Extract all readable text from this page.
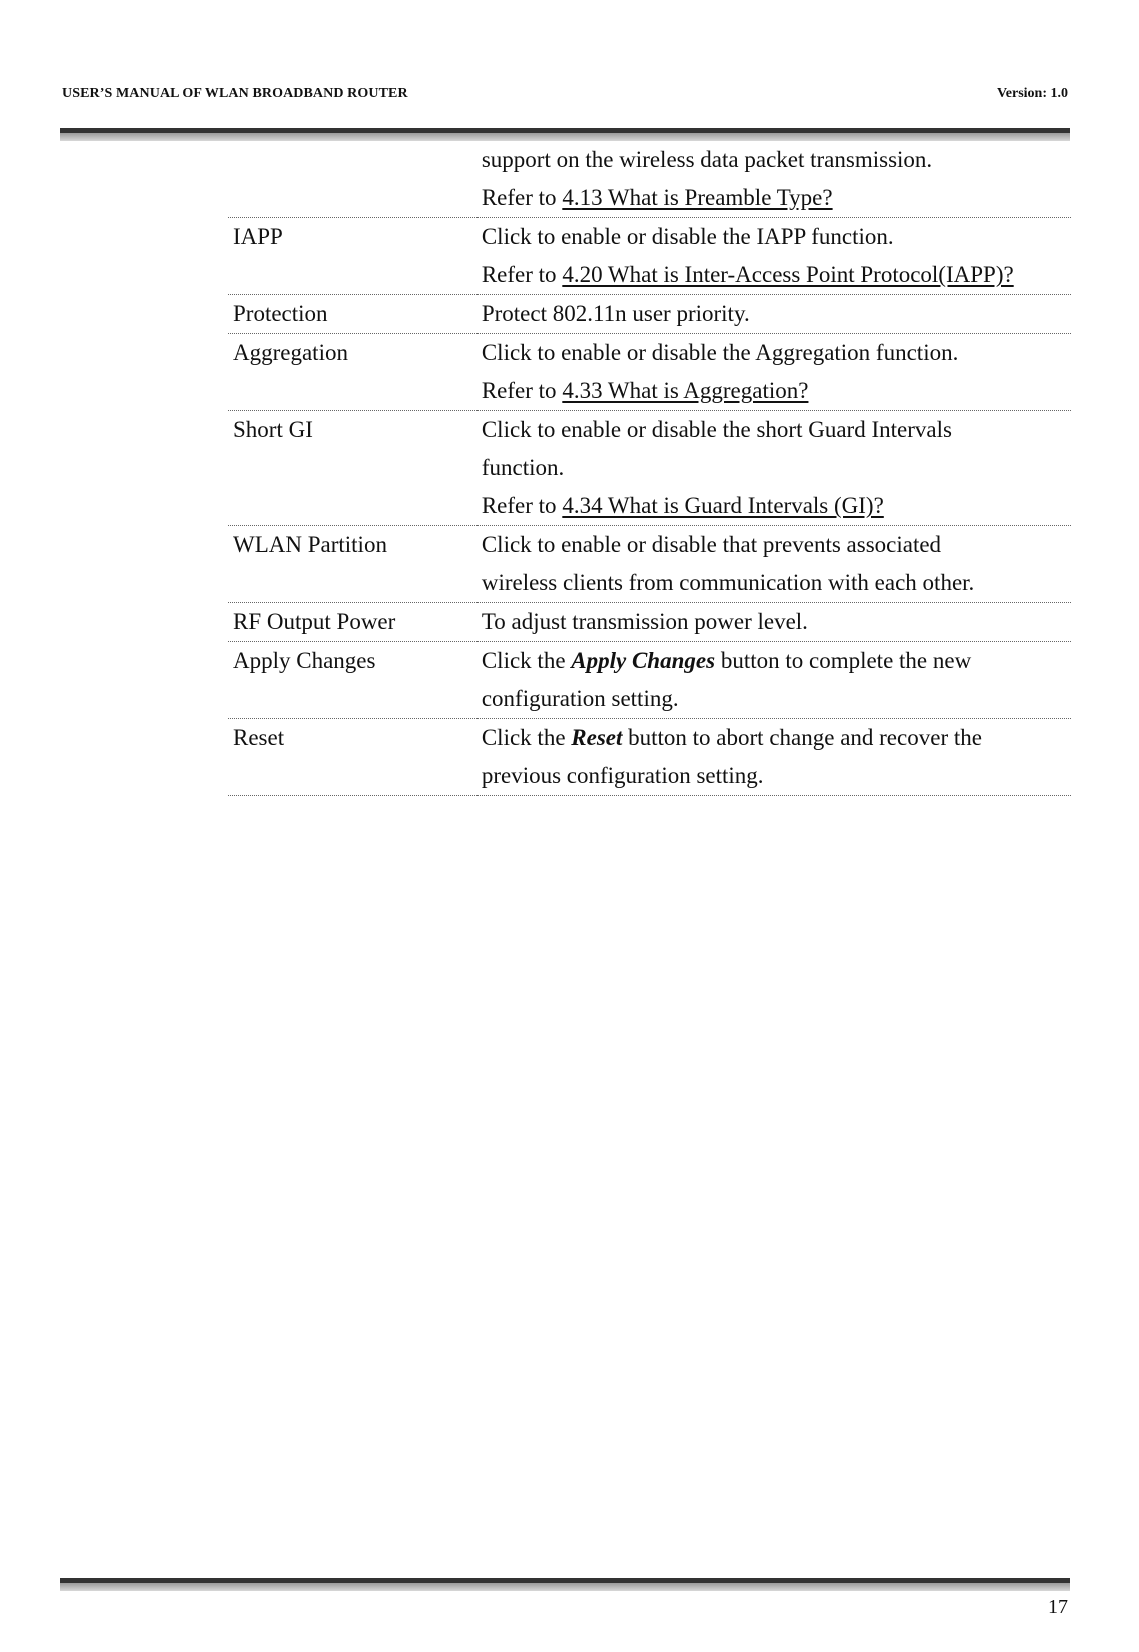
USER’S MANUAL OF WLAN BROADBAND ROUTER	Version: 1.0

	support on the wireless data packet transmission.
Refer to 4.13 What is Preamble Type?

IAPP	Click to enable or disable the IAPP function.
Refer to 4.20 What is Inter-Access Point Protocol(IAPP)?

Protection	Protect 802.11n user priority.

Aggregation	Click to enable or disable the Aggregation function.
Refer to 4.33 What is Aggregation?

Short GI	Click to enable or disable the short Guard Intervals
function.
Refer to 4.34 What is Guard Intervals (GI)?

WLAN Partition	Click to enable or disable that prevents associated
wireless clients from communication with each other.

RF Output Power	To adjust transmission power level.

Apply Changes	Click the Apply Changes button to complete the new
configuration setting.

Reset	Click the Reset button to abort change and recover the
previous configuration setting.
17
